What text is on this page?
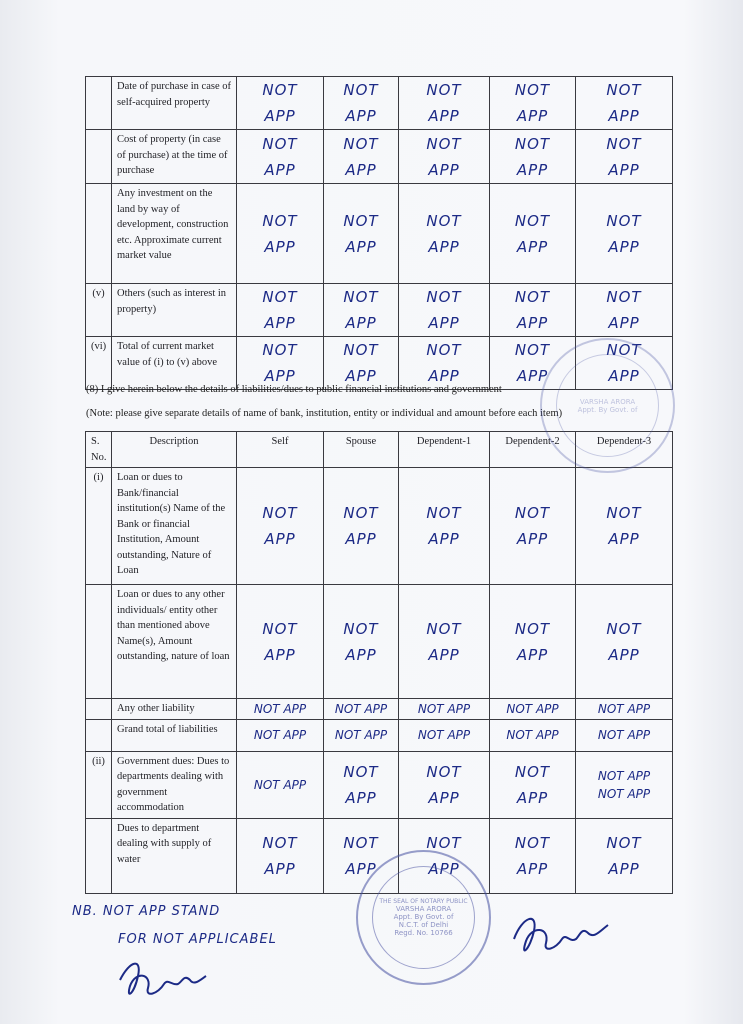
	Date of purchase in case of self-acquired property	NOT
APP	NOT
APP	NOT
APP	NOT
APP	NOT
APP

	Cost of property (in case of purchase) at the time of purchase	NOT
APP	NOT
APP	NOT
APP	NOT
APP	NOT
APP

	Any investment on the land by way of development, construction etc. Approximate current market value	NOT
APP	NOT
APP	NOT
APP	NOT
APP	NOT
APP

(v)	Others (such as interest in property)	NOT
APP	NOT
APP	NOT
APP	NOT
APP	NOT
APP

(vi)	Total of current market value of (i) to (v) above	NOT
APP	NOT
APP	NOT
APP	NOT
APP	NOT
APP
(8) I give herein below the details of liabilities/dues to public financial institutions and government
(Note: please give separate details of name of bank, institution, entity or individual and amount before each item)
S. No.	Description	Self	Spouse	Dependent-1	Dependent-2	Dependent-3
(i)	Loan or dues to Bank/financial institution(s) Name of the Bank or financial Institution, Amount outstanding, Nature of Loan	NOT
APP	NOT
APP	NOT
APP	NOT
APP	NOT
APP

	Loan or dues to any other individuals/ entity other than mentioned above Name(s), Amount outstanding, nature of loan	NOT
APP	NOT
APP	NOT
APP	NOT
APP	NOT
APP

	Any other liability	NOT APP	NOT APP	NOT APP	NOT APP	NOT APP

	Grand total of liabilities	NOT APP	NOT APP	NOT APP	NOT APP	NOT APP

(ii)	Government dues: Dues to departments dealing with government accommodation	NOT APP	NOT
APP	NOT
APP	NOT
APP	NOT APP
NOT APP

	Dues to department dealing with supply of water	NOT
APP	NOT
APP	NOT
APP	NOT
APP	NOT
APP
NB. NOT APP STAND
FOR NOT APPLICABEL
VARSHA ARORA
Appt. By Govt. of
THE SEAL OF NOTARY PUBLIC
VARSHA ARORA
Appt. By Govt. of
N.C.T. of Delhi
Regd. No. 10766
